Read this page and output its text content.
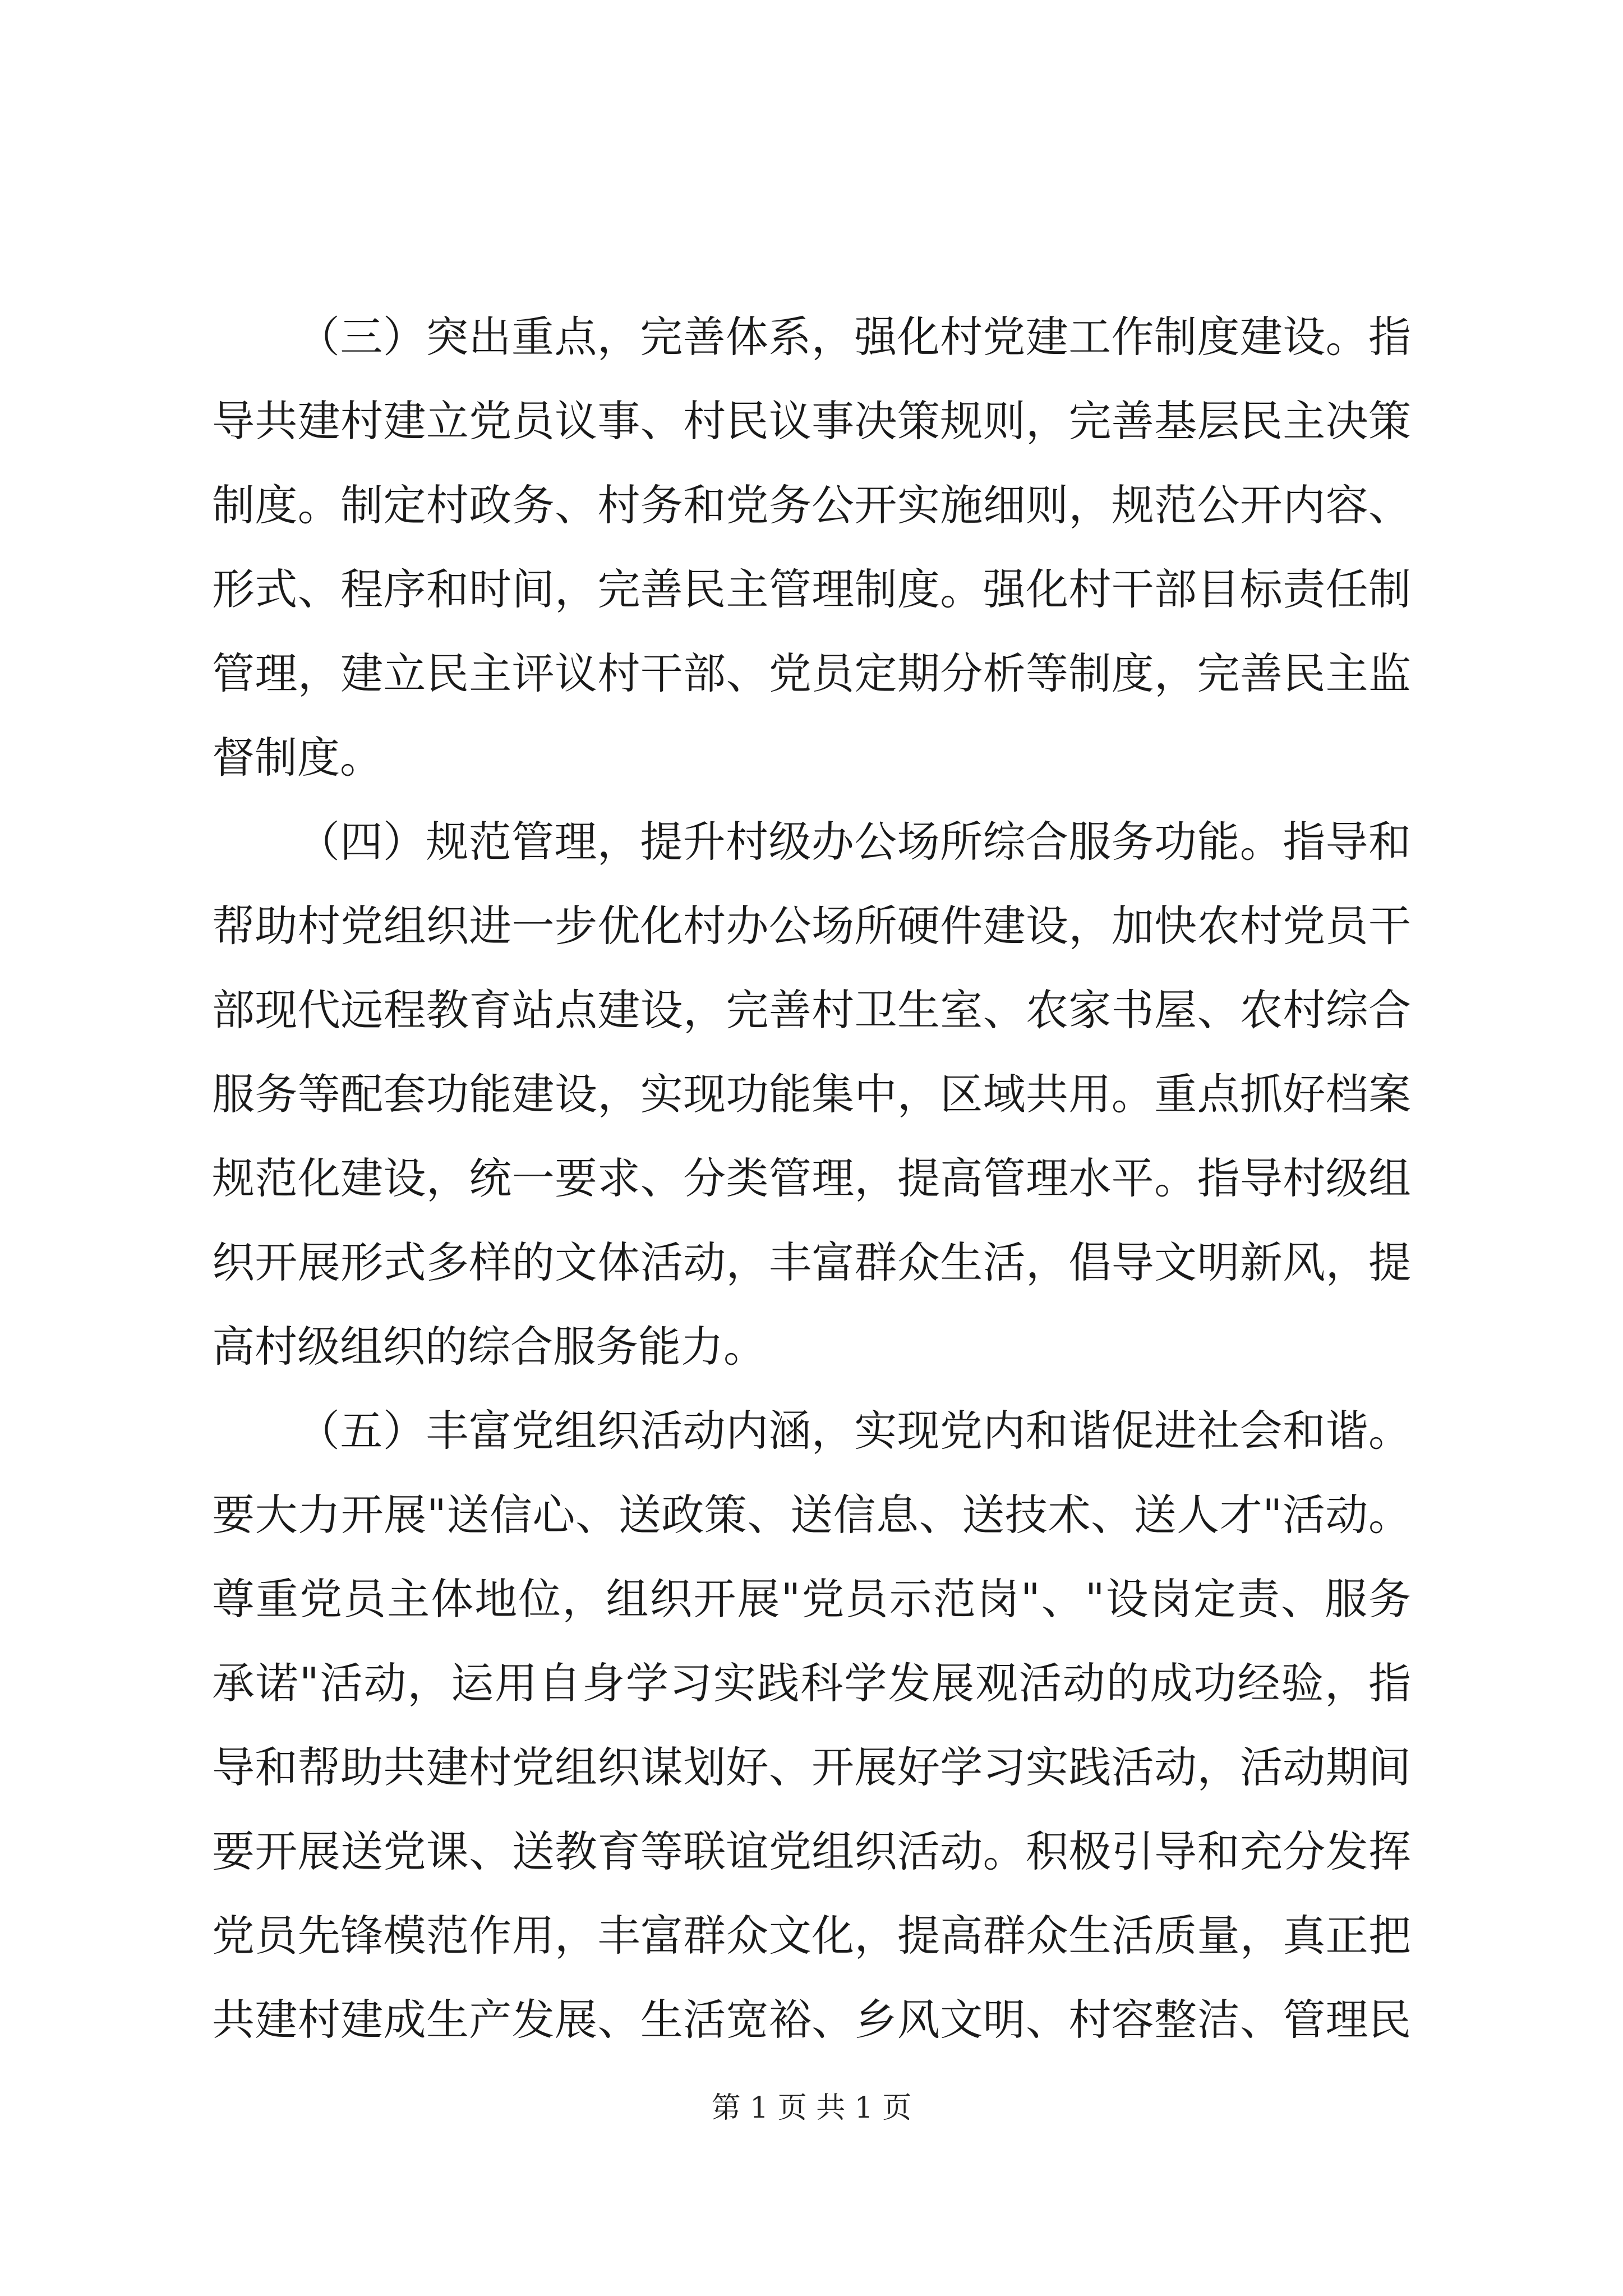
（三）突出重点，完善体系，强化村党建工作制度建设。指
导共建村建立党员议事、村民议事决策规则，完善基层民主决策
制度。制定村政务、村务和党务公开实施细则，规范公开内容、
形式、程序和时间，完善民主管理制度。强化村干部目标责任制
管理，建立民主评议村干部、党员定期分析等制度，完善民主监
督制度。
（四）规范管理，提升村级办公场所综合服务功能。指导和
帮助村党组织进一步优化村办公场所硬件建设，加快农村党员干
部现代远程教育站点建设，完善村卫生室、农家书屋、农村综合
服务等配套功能建设，实现功能集中，区域共用。重点抓好档案
规范化建设，统一要求、分类管理，提高管理水平。指导村级组
织开展形式多样的文体活动，丰富群众生活，倡导文明新风，提
高村级组织的综合服务能力。
（五）丰富党组织活动内涵，实现党内和谐促进社会和谐。
要大力开展"送信心、送政策、送信息、送技术、送人才"活动。
尊重党员主体地位，组织开展"党员示范岗"、"设岗定责、服务
承诺"活动，运用自身学习实践科学发展观活动的成功经验，指
导和帮助共建村党组织谋划好、开展好学习实践活动，活动期间
要开展送党课、送教育等联谊党组织活动。积极引导和充分发挥
党员先锋模范作用，丰富群众文化，提高群众生活质量，真正把
共建村建成生产发展、生活宽裕、乡风文明、村容整洁、管理民
第 1 页 共 1 页
